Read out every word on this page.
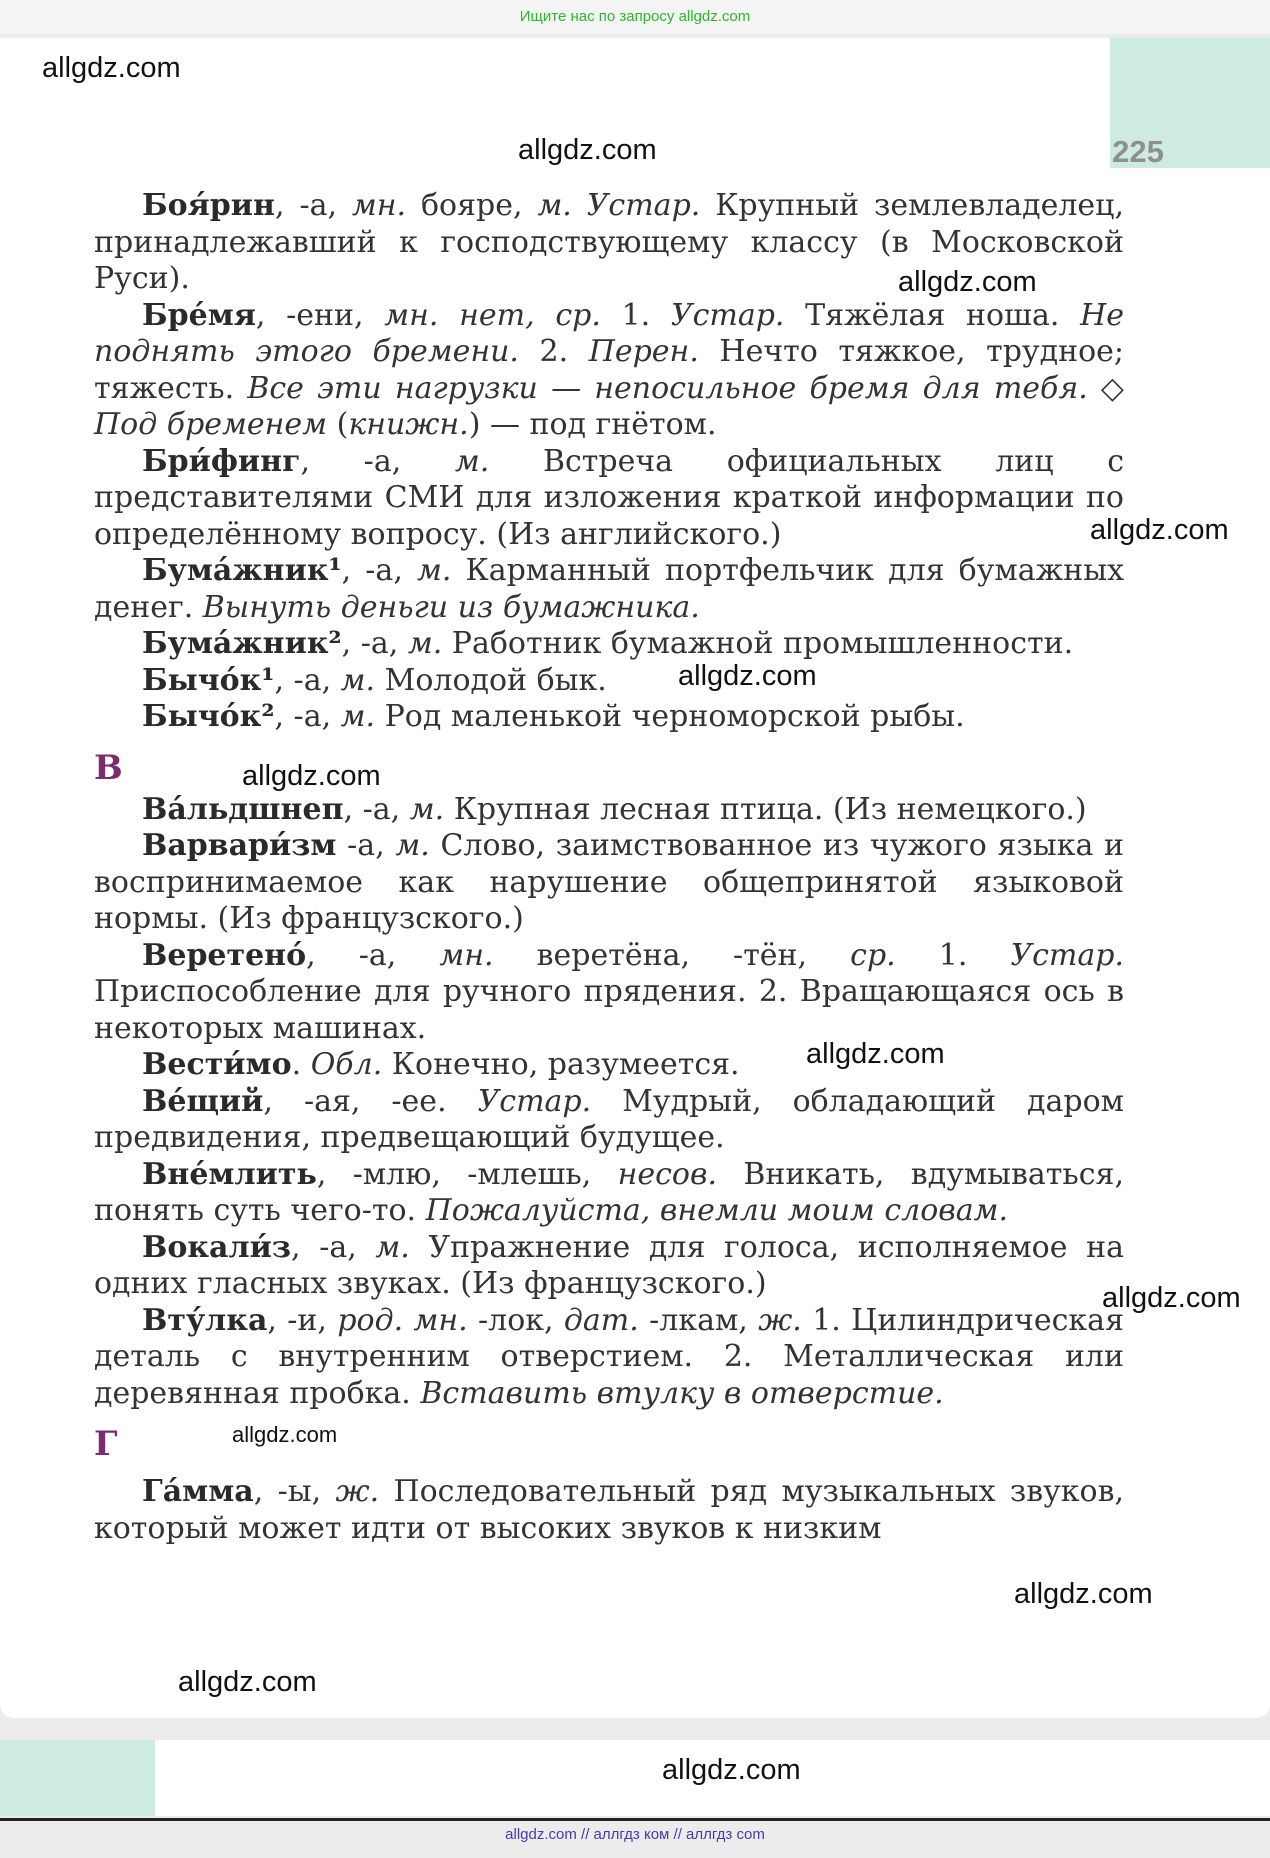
Ищите нас по запросу allgdz.com
225

Боя́рин, -а, мн. бояре, м. Устар. Крупный землевладелец, принадлежавший к господствующему классу (в Московской Руси).

Бре́мя, -ени, мн. нет, ср. 1. Устар. Тяжёлая ноша. Не поднять этого бремени. 2. Перен. Нечто тяжкое, трудное; тяжесть. Все эти нагрузки — непосильное бремя для тебя. ◇ Под бременем (книжн.) — под гнётом.

Бри́финг, -а, м. Встреча официальных лиц с представителями СМИ для изложения краткой информации по определённому вопросу. (Из английского.)

Бума́жник¹, -а, м. Карманный портфельчик для бумажных денег. Вынуть деньги из бумажника.

Бума́жник², -а, м. Работник бумажной промышленности.

Бычо́к¹, -а, м. Молодой бык.

Бычо́к², -а, м. Род маленькой черноморской рыбы.

В

Ва́льдшнеп, -а, м. Крупная лесная птица. (Из немецкого.)

Варвари́зм -а, м. Слово, заимствованное из чужого языка и воспринимаемое как нарушение общепринятой языковой нормы. (Из французского.)

Веретено́, -а, мн. веретёна, -тён, ср. 1. Устар. Приспособление для ручного прядения. 2. Вращающаяся ось в некоторых машинах.

Вести́мо. Обл. Конечно, разумеется.

Ве́щий, -ая, -ее. Устар. Мудрый, обладающий даром предвидения, предвещающий будущее.

Вне́млить, -млю, -млешь, несов. Вникать, вдумываться, понять суть чего-то. Пожалуйста, внемли моим словам.

Вокали́з, -а, м. Упражнение для голоса, исполняемое на одних гласных звуках. (Из французского.)

Вту́лка, -и, род. мн. -лок, дат. -лкам, ж. 1. Цилиндрическая деталь с внутренним отверстием. 2. Металлическая или деревянная пробка. Вставить втулку в отверстие.

Г

Га́мма, -ы, ж. Последовательный ряд музыкальных звуков, который может идти от высоких звуков к низким

allgdz.com
allgdz.com
allgdz.com
allgdz.com
allgdz.com
allgdz.com
allgdz.com
allgdz.com
allgdz.com
allgdz.com
allgdz.com
allgdz.com
allgdz.com // аллгдз ком // аллгдз com
